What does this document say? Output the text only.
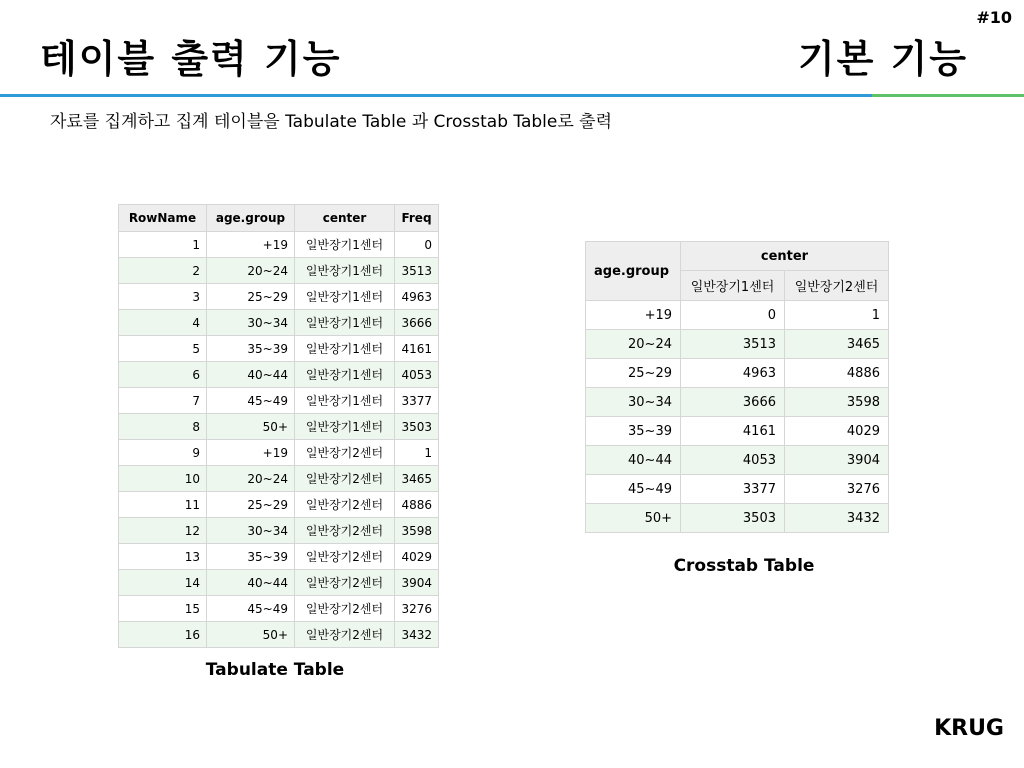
#10
테이블 출력 기능	기본 기능
자료를 집계하고 집계 테이블을 Tabulate Table 과 Crosstab Table로 출력
RowName	age.group	center	Freq
1	+19	일반장기1센터	0
2	20~24	일반장기1센터	3513
3	25~29	일반장기1센터	4963
4	30~34	일반장기1센터	3666
5	35~39	일반장기1센터	4161
6	40~44	일반장기1센터	4053
7	45~49	일반장기1센터	3377
8	50+	일반장기1센터	3503
9	+19	일반장기2센터	1
10	20~24	일반장기2센터	3465
11	25~29	일반장기2센터	4886
12	30~34	일반장기2센터	3598
13	35~39	일반장기2센터	4029
14	40~44	일반장기2센터	3904
15	45~49	일반장기2센터	3276
16	50+	일반장기2센터	3432
Tabulate Table
age.group	center	
	일반장기1센터	일반장기2센터
+19	0	1
20~24	3513	3465
25~29	4963	4886
30~34	3666	3598
35~39	4161	4029
40~44	4053	3904
45~49	3377	3276
50+	3503	3432
Crosstab Table
KRUG
